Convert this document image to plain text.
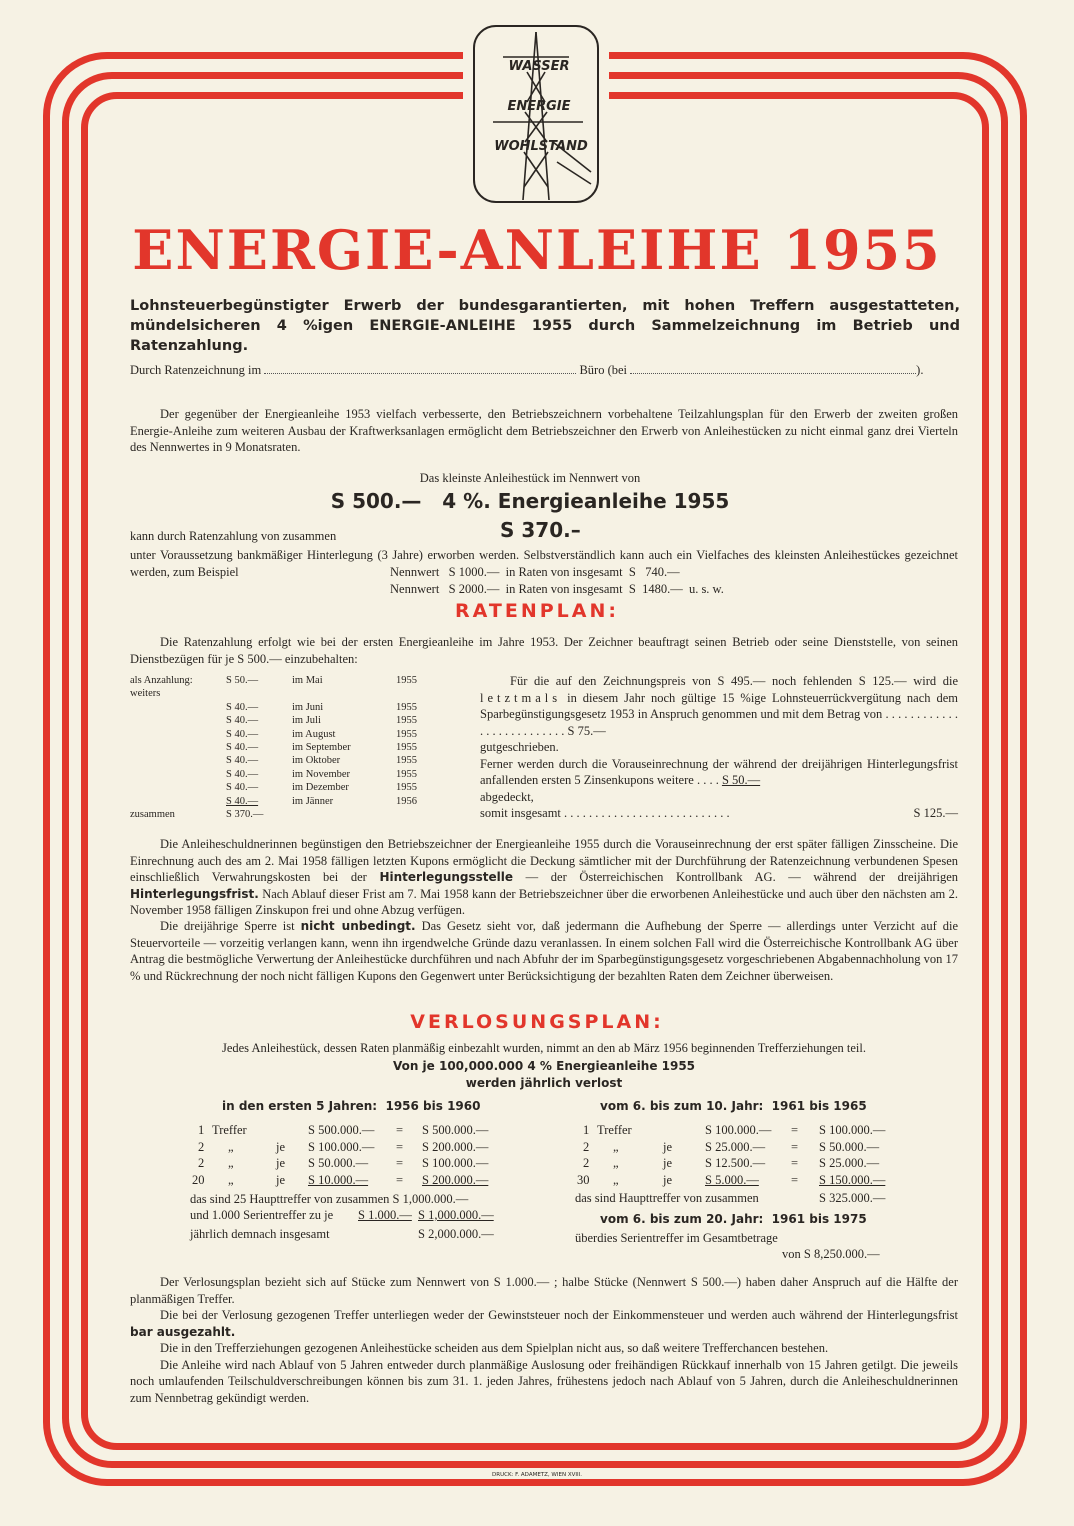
WASSER
ENERGIE
WOHLSTAND
ENERGIE-ANLEIHE 1955
Lohnsteuerbegünstigter Erwerb der bundesgarantierten, mit hohen Treffern ausgestatteten, mündelsicheren 4 %igen ENERGIE-ANLEIHE 1955 durch Sammelzeichnung im Betrieb und Ratenzahlung.
Durch Ratenzeichnung im	Büro (bei	).
Der gegenüber der Energieanleihe 1953 vielfach verbesserte, den Betriebszeichnern vorbehaltene Teilzahlungsplan für den Erwerb der zweiten großen Energie-Anleihe zum weiteren Ausbau der Kraftwerksanlagen ermöglicht dem Betriebszeichner den Erwerb von Anleihestücken zu nicht einmal ganz drei Vierteln des Nennwertes in 9 Monatsraten.
Das kleinste Anleihestück im Nennwert von
S 500.—   4 %. Energieanleihe 1955
kann durch Ratenzahlung von zusammen	S 370.–
unter Voraussetzung bankmäßiger Hinterlegung (3 Jahre) erworben werden. Selbstverständlich kann auch ein Vielfaches des kleinsten Anleihestückes gezeichnet werden, zum Beispiel	Nennwert   S 1000.—  in Raten von insgesamt  S   740.—
Nennwert   S 2000.—  in Raten von insgesamt  S  1480.—  u. s. w.
RATENPLAN:
Die Ratenzahlung erfolgt wie bei der ersten Energieanleihe im Jahre 1953. Der Zeichner beauftragt seinen Betrieb oder seine Dienststelle, von seinen Dienstbezügen für je S 500.— einzubehalten:
als Anzahlung:	S 50.—	im Mai	1955
weiters
S 40.—	im Juni	1955
S 40.—	im Juli	1955
S 40.—	im August	1955
S 40.—	im September	1955
S 40.—	im Oktober	1955
S 40.—	im November	1955
S 40.—	im Dezember	1955
S 40.—	im Jänner	1956
zusammen	S 370.—
Für die auf den Zeichnungspreis von S 495.— noch fehlenden S 125.— wird die letztmals in diesem Jahr noch gültige 15 %ige Lohnsteuerrückvergütung nach dem Sparbegünstigungsgesetz 1953 in Anspruch genommen und mit dem Betrag von . . . . . . . . . . . . . . . . . . . . . . . . . . S 75.—
gutgeschrieben.
Ferner werden durch die Vorauseinrechnung der während der dreijährigen Hinterlegungsfrist anfallenden ersten 5 Zinsenkupons weitere . . . . S 50.—
abgedeckt,
somit insgesamt . . . . . . . . . . . . . . . . . . . . . . . . . . .	S 125.—
Die Anleiheschuldnerinnen begünstigen den Betriebszeichner der Energieanleihe 1955 durch die Vorauseinrechnung der erst später fälligen Zinsscheine. Die Einrechnung auch des am 2. Mai 1958 fälligen letzten Kupons ermöglicht die Deckung sämtlicher mit der Durchführung der Ratenzeichnung verbundenen Spesen einschließlich Verwahrungskosten bei der Hinterlegungsstelle — der Österreichischen Kontrollbank AG. — während der dreijährigen Hinterlegungsfrist. Nach Ablauf dieser Frist am 7. Mai 1958 kann der Betriebszeichner über die erworbenen Anleihestücke und auch über den nächsten am 2. November 1958 fälligen Zinskupon frei und ohne Abzug verfügen.
Die dreijährige Sperre ist nicht unbedingt. Das Gesetz sieht vor, daß jedermann die Aufhebung der Sperre — allerdings unter Verzicht auf die Steuervorteile — vorzeitig verlangen kann, wenn ihn irgendwelche Gründe dazu veranlassen. In einem solchen Fall wird die Österreichische Kontrollbank AG über Antrag die bestmögliche Verwertung der Anleihestücke durchführen und nach Abfuhr der im Sparbegünstigungsgesetz vorgeschriebenen Abgabennachholung von 17 % und Rückrechnung der noch nicht fälligen Kupons den Gegenwert unter Berücksichtigung der bezahlten Raten dem Zeichner überweisen.
VERLOSUNGSPLAN:
Jedes Anleihestück, dessen Raten planmäßig einbezahlt wurden, nimmt an den ab März 1956 beginnenden Trefferziehungen teil.
Von je 100,000.000 4 % Energieanleihe 1955
werden jährlich verlost
in den ersten 5 Jahren:  1956 bis 1960
1 Treffer	S 500.000.— = S 500.000.—
2 „	je S 100.000.— = S 200.000.—
2 „	je S 50.000.— = S 100.000.—
20 „	je S 10.000.— = S 200.000.—
das sind 25 Haupttreffer von zusammen S 1,000.000.—
und 1.000 Serientreffer zu je S 1.000.— S 1,000.000.—
jährlich demnach insgesamt	S 2,000.000.—
vom 6. bis zum 10. Jahr:  1961 bis 1965
1 Treffer	S 100.000.— = S 100.000.—
2 „	je	S 25.000.— = S 50.000.—
2 „	je	S 12.500.— = S 25.000.—
30 „	je	S 5.000.—	= S 150.000.—
das sind Haupttreffer von zusammen	S 325.000.—
vom 6. bis zum 20. Jahr:  1961 bis 1975
überdies Serientreffer im Gesamtbetrage
von S 8,250.000.—
Der Verlosungsplan bezieht sich auf Stücke zum Nennwert von S 1.000.— ; halbe Stücke (Nennwert S 500.—) haben daher Anspruch auf die Hälfte der planmäßigen Treffer.
Die bei der Verlosung gezogenen Treffer unterliegen weder der Gewinststeuer noch der Einkommensteuer und werden auch während der Hinterlegungsfrist bar ausgezahlt.
Die in den Trefferziehungen gezogenen Anleihestücke scheiden aus dem Spielplan nicht aus, so daß weitere Trefferchancen bestehen.
Die Anleihe wird nach Ablauf von 5 Jahren entweder durch planmäßige Auslosung oder freihändigen Rückkauf innerhalb von 15 Jahren getilgt. Die jeweils noch umlaufenden Teilschuldverschreibungen können bis zum 31. 1. jeden Jahres, frühestens jedoch nach Ablauf von 5 Jahren, durch die Anleiheschuldnerinnen zum Nennbetrag gekündigt werden.
DRUCK: F. ADAMETZ, WIEN XVIII.
